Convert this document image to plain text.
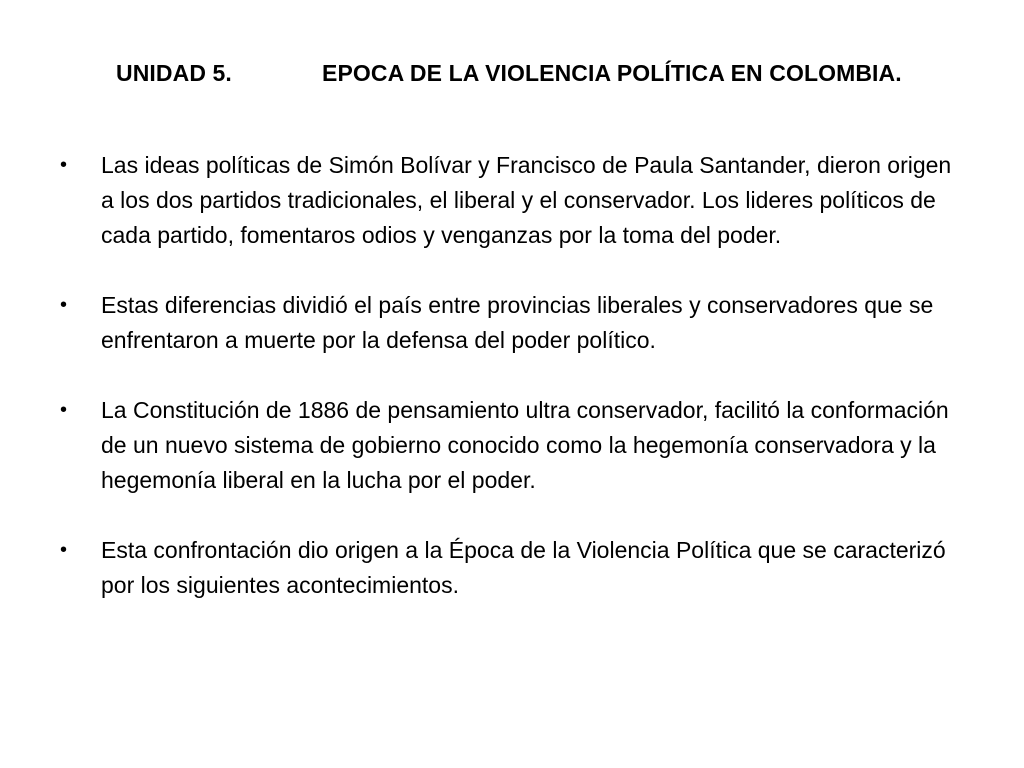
UNIDAD 5.	EPOCA DE LA VIOLENCIA POLÍTICA EN COLOMBIA.
•	Las ideas políticas de Simón Bolívar y Francisco de Paula Santander, dieron origen a los dos partidos tradicionales, el liberal y el conservador. Los lideres políticos de cada partido, fomentaros odios y venganzas por la toma del poder.
•	Estas diferencias dividió el país entre provincias liberales y conservadores que se enfrentaron a muerte por la defensa del poder político.
•	La Constitución de 1886 de pensamiento ultra conservador, facilitó la conformación de un nuevo sistema de gobierno conocido como la hegemonía conservadora y la hegemonía liberal en la lucha por el poder.
•	Esta confrontación dio origen a la Época de la Violencia Política que se caracterizó por los siguientes acontecimientos.
